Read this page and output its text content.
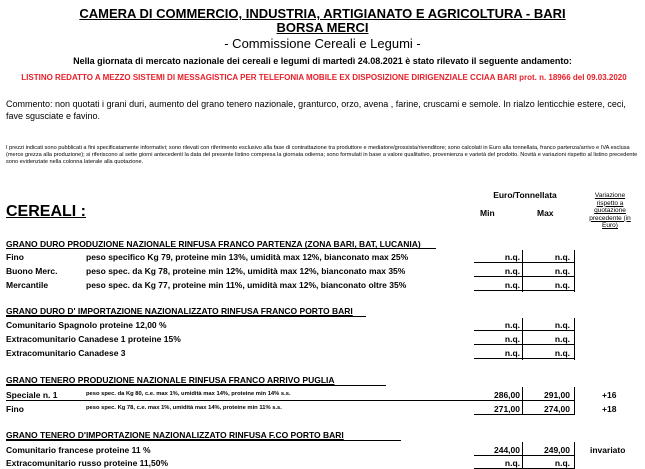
CAMERA DI COMMERCIO, INDUSTRIA, ARTIGIANATO E AGRICOLTURA - BARI
BORSA MERCI
- Commissione Cereali e Legumi -
Nella giornata di mercato nazionale dei cereali e legumi di martedì 24.08.2021 è stato rilevato il seguente andamento:
LISTINO REDATTO A MEZZO SISTEMI DI MESSAGISTICA PER TELEFONIA MOBILE EX DISPOSIZIONE DIRIGENZIALE CCIAA BARI prot. n. 18966 del 09.03.2020
Commento: non quotati i grani duri, aumento del grano tenero nazionale, granturco, orzo, avena , farine, cruscami e semole. In rialzo lenticchie estere, ceci, fave sgusciate e favino.
I prezzi indicati sono pubblicati a fini specificatamente informativi; sono rilevati con riferimento esclusivo alla fase di contrattazione tra produttore e mediatore/grossista/rivenditore; sono calcolati in Euro alla tonnellata, franco partenza/arrivo e IVA esclusa (merce grezza alla produzione); si riferiscono al sette giorni antecedenti la data del presente listino compresa la giornata odierna; sono formulati in base a valore qualitativo, provenienza e varietà del prodotto. Novità e variazioni rispetto al listino precedente sono evidenziate nella colonna laterale alla quotazione.
CEREALI :
Euro/Tonnellata
Min	Max
Variazione rispetto a quotazione precedente (in Euro)
GRANO DURO PRODUZIONE NAZIONALE RINFUSA FRANCO PARTENZA (ZONA BARI, BAT, LUCANIA)
Fino	peso specifico Kg 79, proteine min 13%, umidità max 12%, bianconato max 25%	n.q.	n.q.
Buono Merc.	peso spec. da Kg 78, proteine min 12%, umidità max 12%, bianconato max 35%	n.q.	n.q.
Mercantile	peso spec. da Kg 77, proteine min 11%, umidità max 12%, bianconato oltre 35%	n.q.	n.q.
GRANO DURO D' IMPORTAZIONE NAZIONALIZZATO RINFUSA FRANCO PORTO BARI
Comunitario Spagnolo proteine 12,00 %	n.q.	n.q.
Extracomunitario Canadese 1 proteine 15%	n.q.	n.q.
Extracomunitario Canadese 3	n.q.	n.q.
GRANO TENERO PRODUZIONE NAZIONALE RINFUSA FRANCO ARRIVO PUGLIA
Speciale n. 1	peso spec. da Kg 80, c.e. max 1%, umidità max 14%, proteine min 14% s.s.	286,00	291,00	+16
Fino	peso spec. Kg 78, c.e. max 1%, umidità max 14%, proteine min 11% s.s.	271,00	274,00	+18
GRANO TENERO D'IMPORTAZIONE NAZIONALIZZATO RINFUSA F.CO PORTO BARI
Comunitario francese proteine 11 %	244,00	249,00 invariato
Extracomunitario russo proteine 11,50%	n.q.	n.q.
